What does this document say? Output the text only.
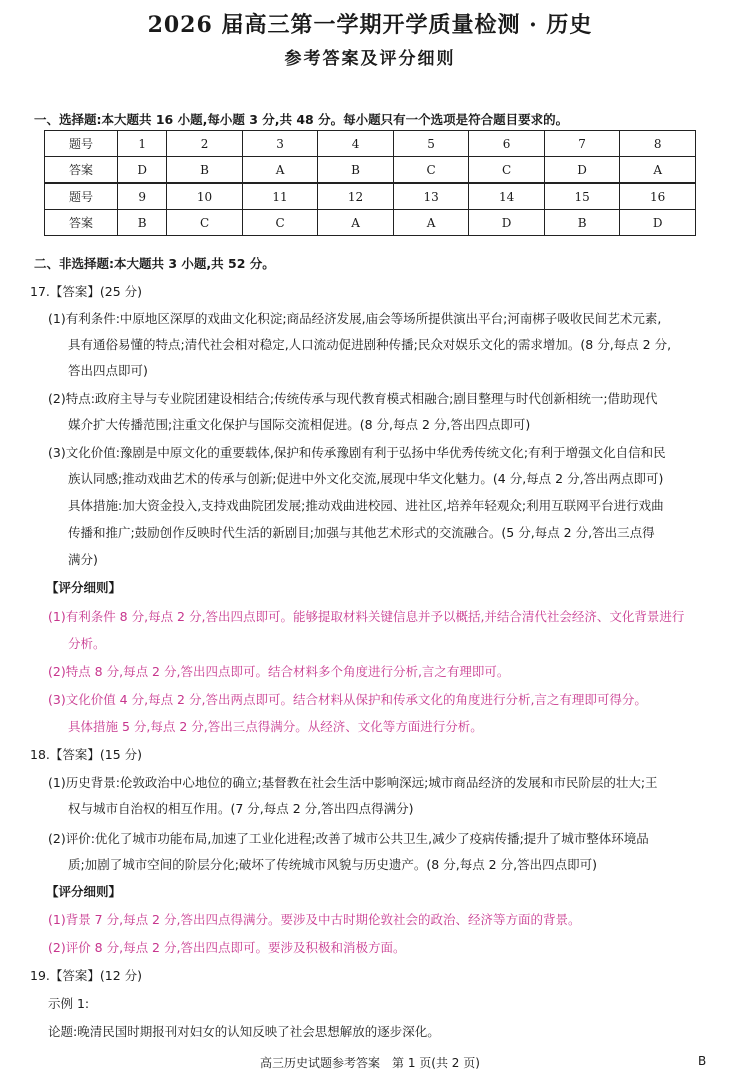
2026 届高三第一学期开学质量检测 · 历史
参考答案及评分细则
一、选择题:本大题共 16 小题,每小题 3 分,共 48 分。每小题只有一个选项是符合题目要求的。
题号	1	2	3	4	5	6	7	8
答案	D	B	A	B	C	C	D	A
题号	9	10	11	12	13	14	15	16
答案	B	C	C	A	A	D	B	D
二、非选择题:本大题共 3 小题,共 52 分。
17.【答案】(25 分)
(1)有利条件:中原地区深厚的戏曲文化积淀;商品经济发展,庙会等场所提供演出平台;河南梆子吸收民间艺术元素,
具有通俗易懂的特点;清代社会相对稳定,人口流动促进剧种传播;民众对娱乐文化的需求增加。(8 分,每点 2 分,
答出四点即可)
(2)特点:政府主导与专业院团建设相结合;传统传承与现代教育模式相融合;剧目整理与时代创新相统一;借助现代
媒介扩大传播范围;注重文化保护与国际交流相促进。(8 分,每点 2 分,答出四点即可)
(3)文化价值:豫剧是中原文化的重要载体,保护和传承豫剧有利于弘扬中华优秀传统文化;有利于增强文化自信和民
族认同感;推动戏曲艺术的传承与创新;促进中外文化交流,展现中华文化魅力。(4 分,每点 2 分,答出两点即可)
具体措施:加大资金投入,支持戏曲院团发展;推动戏曲进校园、进社区,培养年轻观众;利用互联网平台进行戏曲
传播和推广;鼓励创作反映时代生活的新剧目;加强与其他艺术形式的交流融合。(5 分,每点 2 分,答出三点得
满分)
【评分细则】
(1)有利条件 8 分,每点 2 分,答出四点即可。能够提取材料关键信息并予以概括,并结合清代社会经济、文化背景进行
分析。
(2)特点 8 分,每点 2 分,答出四点即可。结合材料多个角度进行分析,言之有理即可。
(3)文化价值 4 分,每点 2 分,答出两点即可。结合材料从保护和传承文化的角度进行分析,言之有理即可得分。
具体措施 5 分,每点 2 分,答出三点得满分。从经济、文化等方面进行分析。
18.【答案】(15 分)
(1)历史背景:伦敦政治中心地位的确立;基督教在社会生活中影响深远;城市商品经济的发展和市民阶层的壮大;王
权与城市自治权的相互作用。(7 分,每点 2 分,答出四点得满分)
(2)评价:优化了城市功能布局,加速了工业化进程;改善了城市公共卫生,减少了疫病传播;提升了城市整体环境品
质;加剧了城市空间的阶层分化;破坏了传统城市风貌与历史遗产。(8 分,每点 2 分,答出四点即可)
【评分细则】
(1)背景 7 分,每点 2 分,答出四点得满分。要涉及中古时期伦敦社会的政治、经济等方面的背景。
(2)评价 8 分,每点 2 分,答出四点即可。要涉及积极和消极方面。
19.【答案】(12 分)
示例 1:
论题:晚清民国时期报刊对妇女的认知反映了社会思想解放的逐步深化。
高三历史试题参考答案　第 1 页(共 2 页)	B
